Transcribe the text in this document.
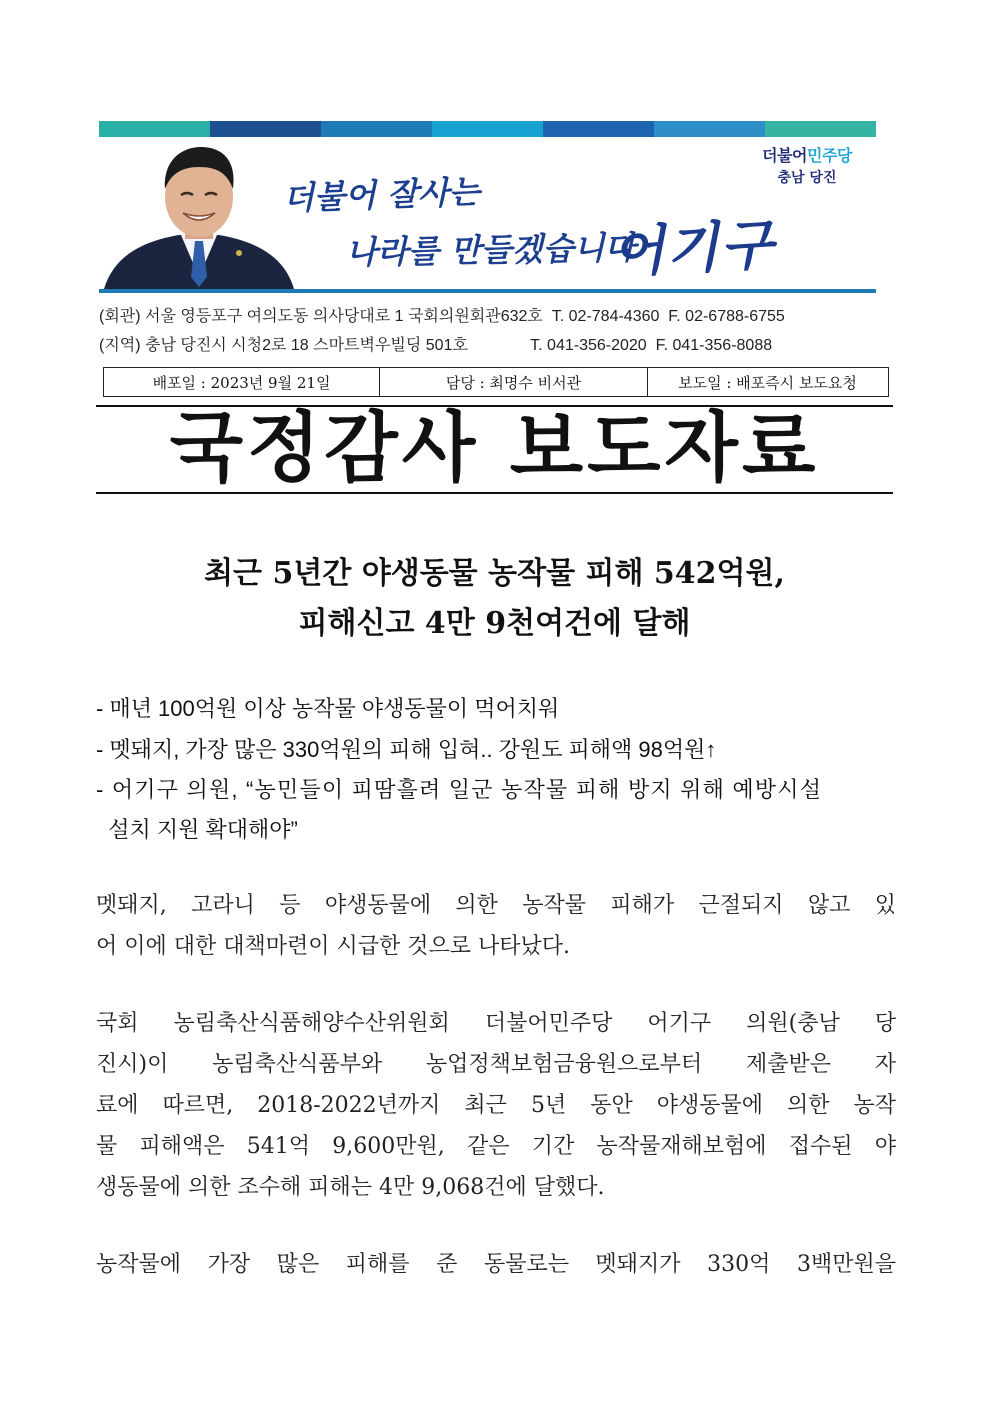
더불어 잘사는
나라를 만들겠습니다
어기구
더불어민주당
충남 당진
(회관) 서울 영등포구 여의도동 의사당대로 1 국회의원회관632호  T. 02-784-4360  F. 02-6788-6755
(지역) 충남 당진시 시청2로 18 스마트벽우빌딩 501호              T. 041-356-2020  F. 041-356-8088
배포일 : 2023년 9월 21일	담당 : 최명수 비서관	보도일 : 배포즉시 보도요청
국정감사 보도자료
최근 5년간 야생동물 농작물 피해 542억원,
피해신고 4만 9천여건에 달해
- 매년 100억원 이상 농작물 야생동물이 먹어치워
- 멧돼지, 가장 많은 330억원의 피해 입혀.. 강원도 피해액 98억원↑
- 어기구 의원, “농민들이 피땀흘려 일군 농작물 피해 방지 위해 예방시설
설치 지원 확대해야”
멧돼지, 고라니 등 야생동물에 의한 농작물 피해가 근절되지 않고 있
어 이에 대한 대책마련이 시급한 것으로 나타났다.
국회 농림축산식품해양수산위원회 더불어민주당 어기구 의원(충남 당
진시)이 농림축산식품부와 농업정책보험금융원으로부터 제출받은 자
료에 따르면, 2018-2022년까지 최근 5년 동안 야생동물에 의한 농작
물 피해액은 541억 9,600만원, 같은 기간 농작물재해보험에 접수된 야
생동물에 의한 조수해 피해는 4만 9,068건에 달했다.
농작물에 가장 많은 피해를 준 동물로는 멧돼지가 330억 3백만원을
